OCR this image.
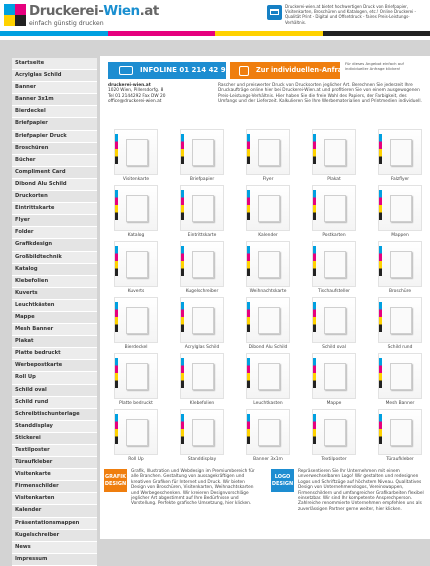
Druckerei-Wien.at
einfach günstig drucken
Druckerei-wien.at bietet hochwertigen Druck von Briefpapier, Visitenkarten, Broschüren und Katalogen, etc.! Online Druckerei - Qualität Print - Digital und Offsetdruck - faires Preis-Leistungs-Verhältnis.
Startseite
Acrylglas Schild
Banner
Banner 3x1m
Bierdeckel
Briefpapier
Briefpapier Druck
Broschüren
Bücher
Compliment Card
Dibond Alu Schild
Druckorten
Eintrittskarte
Flyer
Folder
Grafikdesign
Großbildtechnik
Katalog
Klebefolien
Kuverts
Leuchtkästen
Mappe
Mesh Banner
Plakat
Platte bedruckt
Werbepostkarte
Roll Up
Schild oval
Schild rund
Schreibtischunterlage
Standdisplay
Stickerei
Textilposter
Türaufkleber
Visitenkarte
Firmenschilder
Visitenkarten
Kalender
Präsentationsmappen
Kugelschreiber
News
Impressum
INFOLINE 01 214 42 92	Zur individuellen-Anfrage
Für dieses Angebot einfach auf individueller Anfrage klicken!
druckerei-wien.at
1020 Wien, Pillersdorfg. 8
Tel 01 2144292 Fax DW 20
office@druckerei-wien.at
Rascher und preiswerter Druck von Drucksorten jeglicher Art. Berechnen Sie jederzeit Ihre Druckaufträge online hier bei Druckerei-Wien.at und profitieren Sie von einem ausgewogenen Preis-Leistungs-Verhältnis. Hier haben Sie die freie Wahl des Papiers, der Farbigkeit, des Umfangs und der Lieferzeit. Kalkulieren Sie Ihre Werbematerialien und Printmedien individuell.
Visitenkarte	Briefpapier	Flyer	Plakat	Falzflyer
Katalog	Eintrittskarte	Kalender	Postkarten	Mappen
Kuverts	Kugelschreiber	Weihnachtskarte	Tischaufsteller	Broschüre
Bierdeckel	Acrylglas Schild	Dibond Alu Schild	Schild oval	Schild rund
Platte bedruckt	Klebefolien	Leuchtkasten	Mappe	Mesh Banner
Roll Up	Standdisplay	Banner 3x1m	Textilposter	Türaufkleber
GRAFIK DESIGN
Grafik, Illustration und Webdesign im Premiumbereich für alle Branchen. Gestaltung von aussagekräftigen und kreativen Grafiken für Internet und Druck. Wir bieten Design von Broschüren, Visitenkarten, Weihnachtskarten und Werbegeschenken. Wir kreieren Designvorschläge jeglicher Art abgestimmt auf Ihre Bedürfnisse und Vorstellung. Perfekte grafische Umsetzung, hier klicken.
LOGO DESIGN
Repräsentieren Sie Ihr Unternehmen mit einem unverwechselbaren Logo! Wir gestalten und redesignen Logos und Schriftzüge auf höchstem Niveau. Qualitatives Design von Unternehmenslogos, Vereinswappen, Firmenschildern und umfangreicher Grafikarbeiten flexibel einsetzbar. Wir sind Ihr kompetente Ansprechperson. Zahlreiche renommierte Unternehmen empfehlen uns als zuverlässigen Partner gerne weiter, hier klicken.
